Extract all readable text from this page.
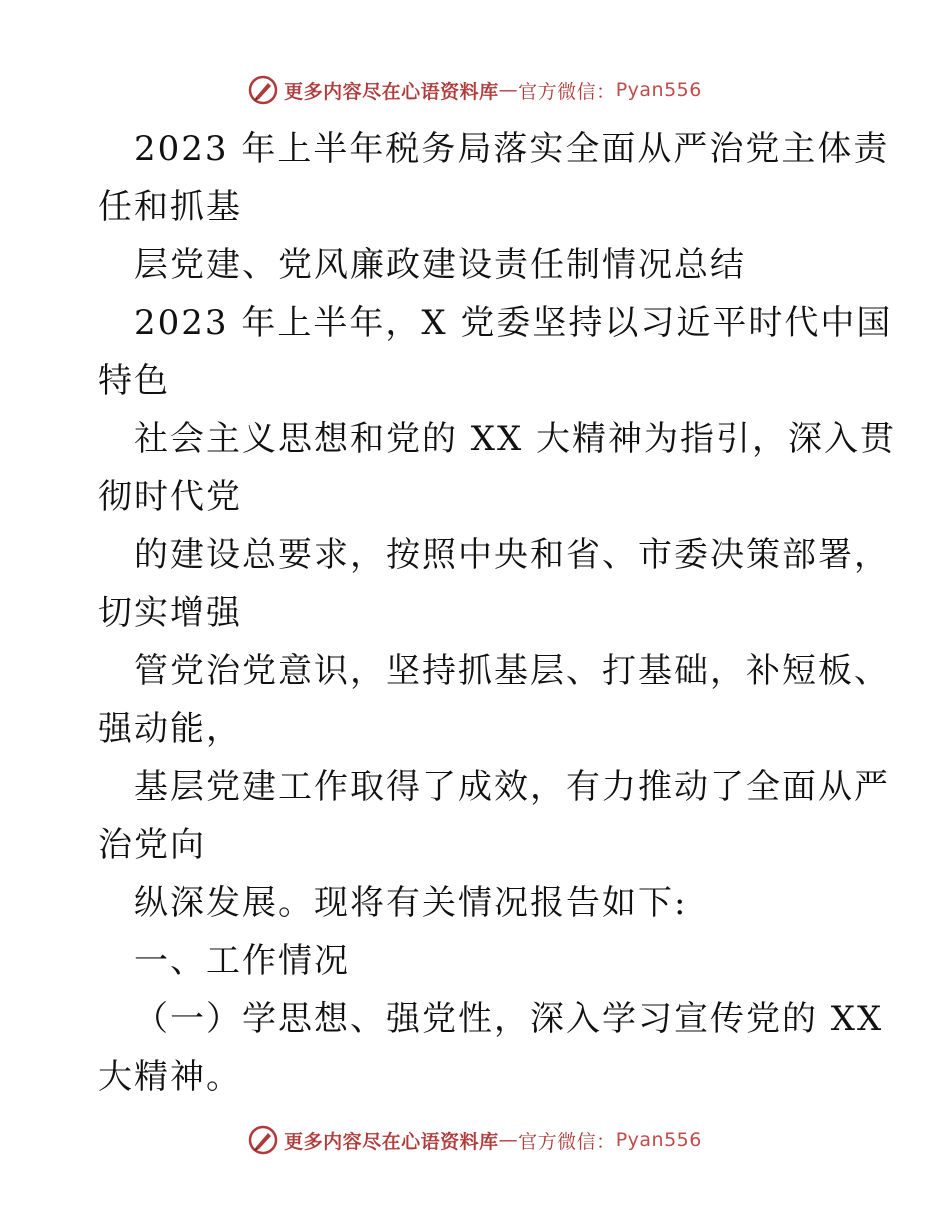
更多内容尽在心语资料库 — 官方微信： Pyan556
2023 年上半年税务局落实全面从严治党主体责
任和抓基
层党建、党风廉政建设责任制情况总结
2023 年上半年，X 党委坚持以习近平时代中国
特色
社会主义思想和党的 XX 大精神为指引，深入贯
彻时代党
的建设总要求，按照中央和省、市委决策部署，
切实增强
管党治党意识，坚持抓基层、打基础，补短板、
强动能，
基层党建工作取得了成效，有力推动了全面从严
治党向
纵深发展。现将有关情况报告如下:
一、工作情况
（一）学思想、强党性，深入学习宣传党的 XX
大精神。
更多内容尽在心语资料库 — 官方微信： Pyan556
